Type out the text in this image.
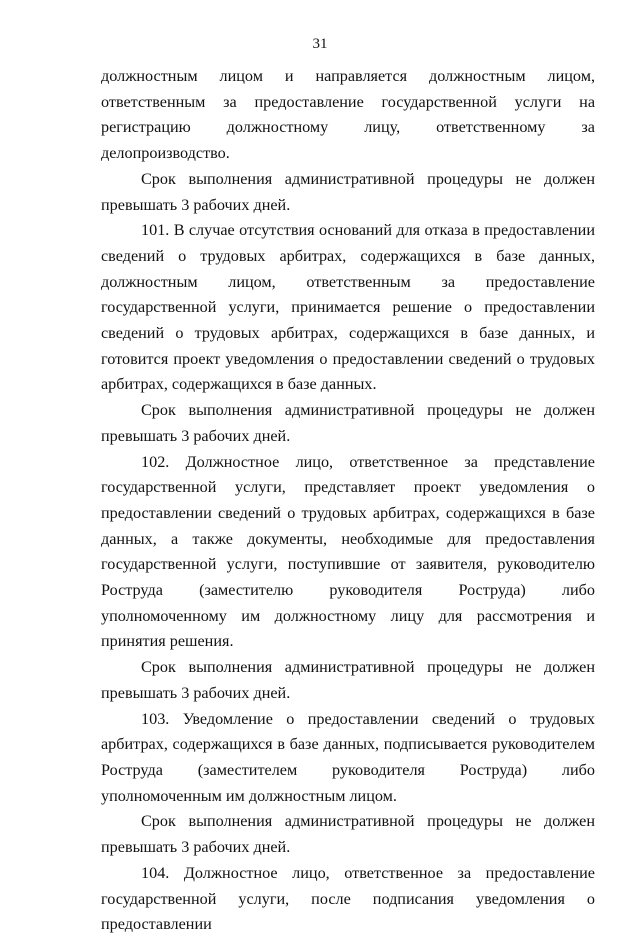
31

должностным лицом и направляется должностным лицом, ответственным за предоставление государственной услуги на регистрацию должностному лицу, ответственному за делопроизводство.

Срок выполнения административной процедуры не должен превышать 3 рабочих дней.

101. В случае отсутствия оснований для отказа в предоставлении сведений о трудовых арбитрах, содержащихся в базе данных, должностным лицом, ответственным за предоставление государственной услуги, принимается решение о предоставлении сведений о трудовых арбитрах, содержащихся в базе данных, и готовится проект уведомления о предоставлении сведений о трудовых арбитрах, содержащихся в базе данных.

Срок выполнения административной процедуры не должен превышать 3 рабочих дней.

102. Должностное лицо, ответственное за представление государственной услуги, представляет проект уведомления о предоставлении сведений о трудовых арбитрах, содержащихся в базе данных, а также документы, необходимые для предоставления государственной услуги, поступившие от заявителя, руководителю Роструда (заместителю руководителя Роструда) либо уполномоченному им должностному лицу для рассмотрения и принятия решения.

Срок выполнения административной процедуры не должен превышать 3 рабочих дней.

103. Уведомление о предоставлении сведений о трудовых арбитрах, содержащихся в базе данных, подписывается руководителем Роструда (заместителем руководителя Роструда) либо уполномоченным им должностным лицом.

Срок выполнения административной процедуры не должен превышать 3 рабочих дней.

104. Должностное лицо, ответственное за предоставление государственной услуги, после подписания уведомления о предоставлении
